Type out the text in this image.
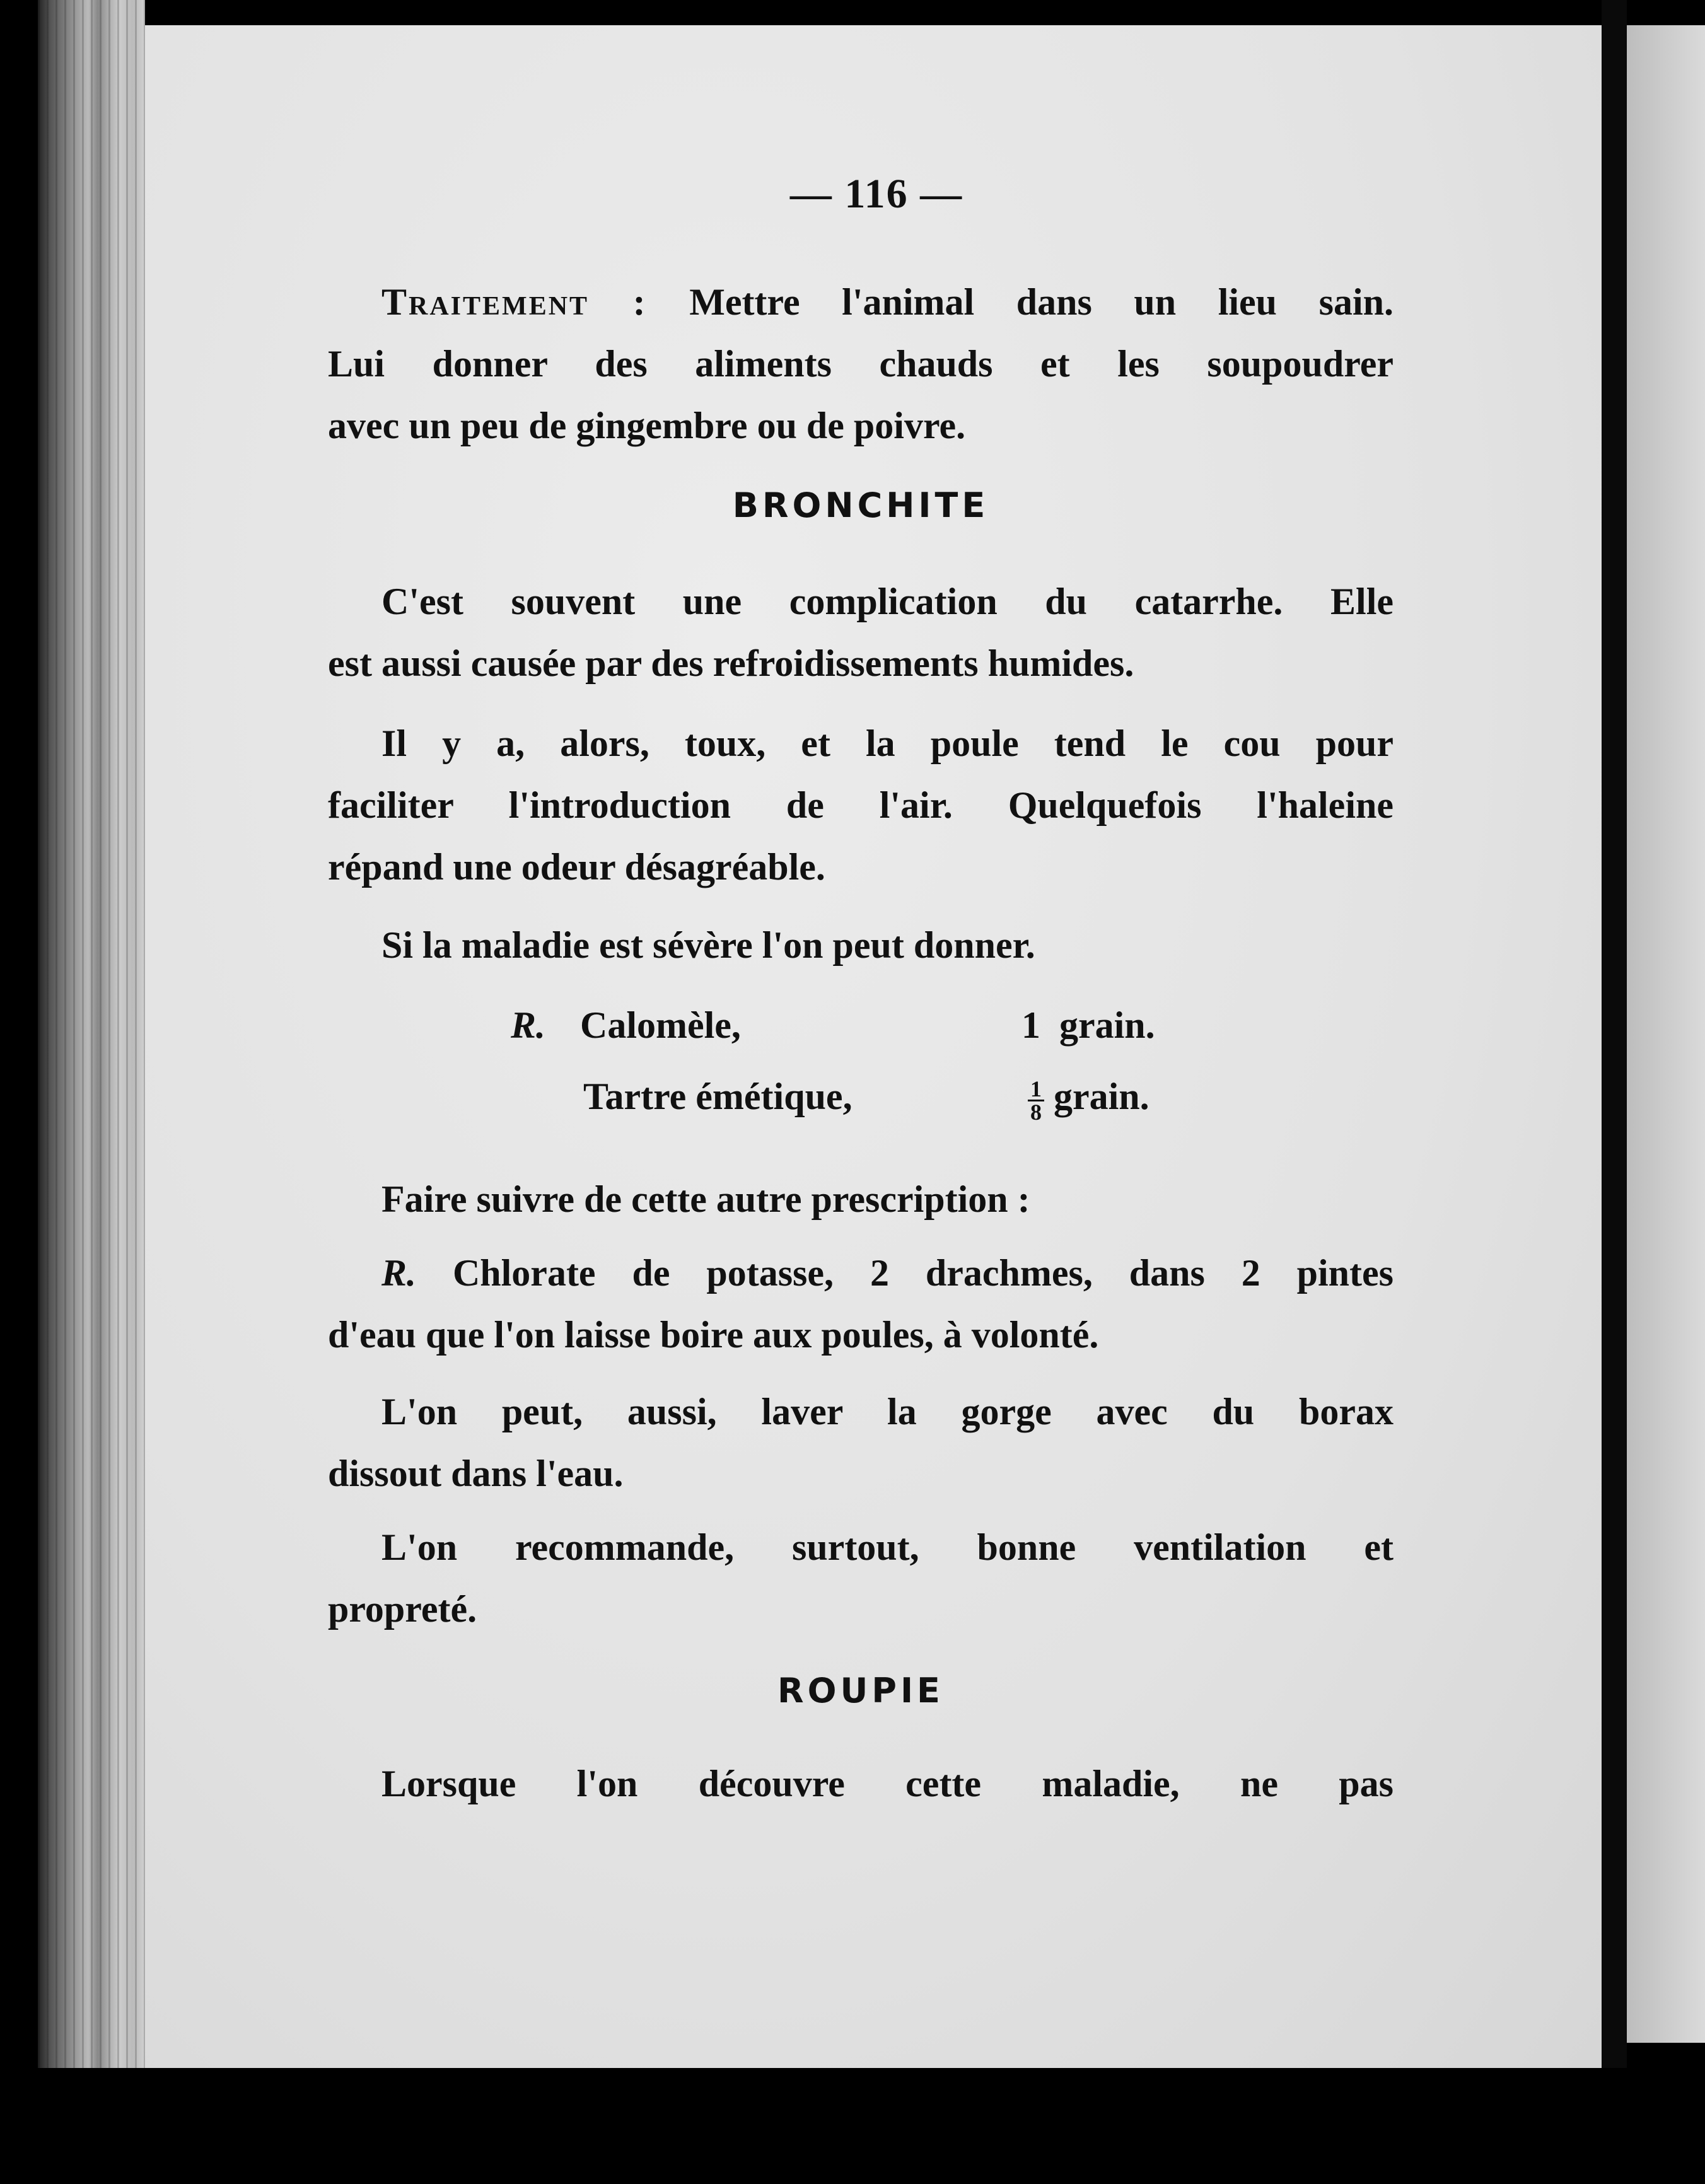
— 116 —
Traitement : Mettre l'animal dans un lieu sain.
Lui donner des aliments chauds et les soupoudrer
avec un peu de gingembre ou de poivre.
BRONCHITE
C'est souvent une complication du catarrhe. Elle
est aussi causée par des refroidissements humides.
Il y a, alors, toux, et la poule tend le cou pour
faciliter l'introduction de l'air. Quelquefois l'haleine
répand une odeur désagréable.
Si la maladie est sévère l'on peut donner.
R. Calomèle,	1 grain.
Tartre émétique,	$\frac{1}{8}$ grain.
Faire suivre de cette autre prescription :
R. Chlorate de potasse, 2 drachmes, dans 2 pintes
d'eau que l'on laisse boire aux poules, à volonté.
L'on peut, aussi, laver la gorge avec du borax
dissout dans l'eau.
L'on recommande, surtout, bonne ventilation et
propreté.
ROUPIE
Lorsque l'on découvre cette maladie, ne pas
